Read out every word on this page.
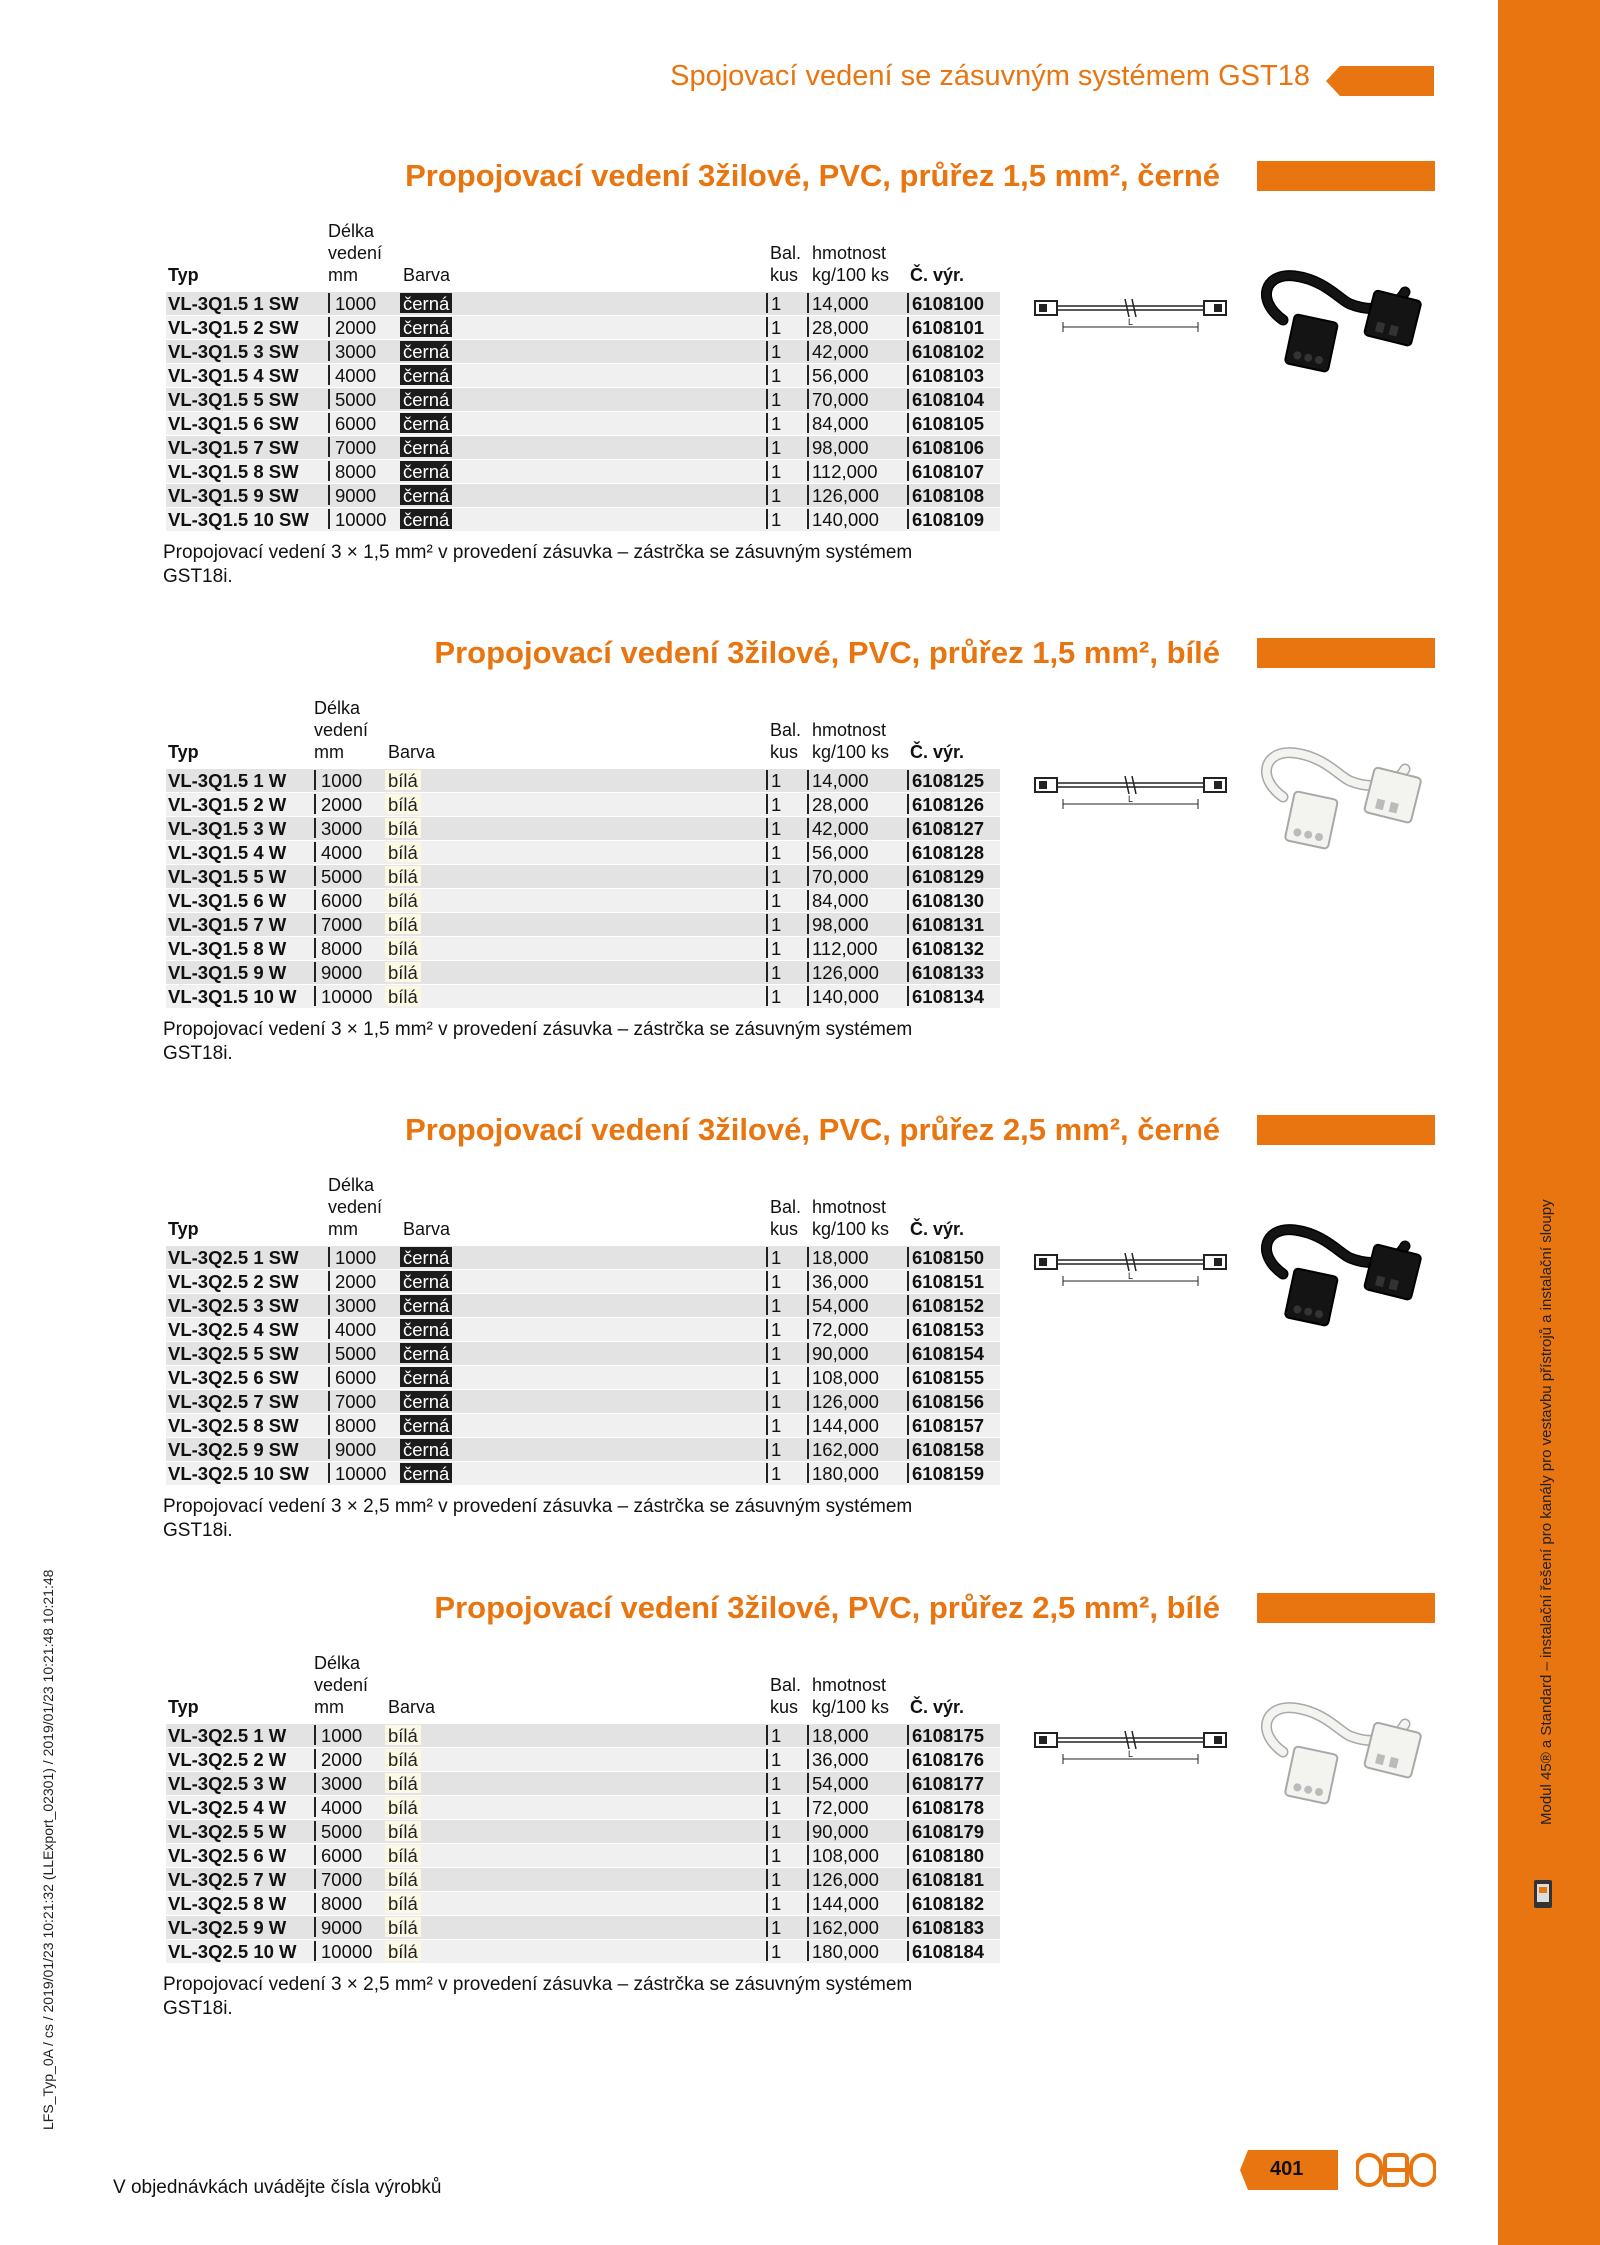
Spojovací vedení se zásuvným systémem GST18
Propojovací vedení 3žilové, PVC, průřez 1,5 mm², černé
Délka
vedení
mm
Typ	Barva
Bal.
kus
hmotnost
kg/100 ks Č. výr.
VL-3Q1.5 1 SW	1000 černá	1 14,000 6108100
VL-3Q1.5 2 SW	2000 černá	1 28,000 6108101
VL-3Q1.5 3 SW	3000 černá	1 42,000 6108102
VL-3Q1.5 4 SW	4000 černá	1 56,000 6108103
VL-3Q1.5 5 SW	5000 černá	1 70,000 6108104
VL-3Q1.5 6 SW	6000 černá	1 84,000 6108105
VL-3Q1.5 7 SW	7000 černá	1 98,000 6108106
VL-3Q1.5 8 SW	8000 černá	1 112,000 6108107
VL-3Q1.5 9 SW	9000 černá	1 126,000 6108108
VL-3Q1.5 10 SW	10000 černá	1 140,000 6108109
Propojovací vedení 3 × 1,5 mm² v provedení zásuvka – zástrčka se zásuvným systémem GST18i.
L
Propojovací vedení 3žilové, PVC, průřez 1,5 mm², bílé
Délka
vedení
mm
Typ	Barva
Bal.
kus
hmotnost
kg/100 ks Č. výr.
VL-3Q1.5 1 W	1000 bílá	1 14,000 6108125
VL-3Q1.5 2 W	2000 bílá	1 28,000 6108126
VL-3Q1.5 3 W	3000 bílá	1 42,000 6108127
VL-3Q1.5 4 W	4000 bílá	1 56,000 6108128
VL-3Q1.5 5 W	5000 bílá	1 70,000 6108129
VL-3Q1.5 6 W	6000 bílá	1 84,000 6108130
VL-3Q1.5 7 W	7000 bílá	1 98,000 6108131
VL-3Q1.5 8 W	8000 bílá	1 112,000 6108132
VL-3Q1.5 9 W	9000 bílá	1 126,000 6108133
VL-3Q1.5 10 W	10000 bílá	1 140,000 6108134
Propojovací vedení 3 × 1,5 mm² v provedení zásuvka – zástrčka se zásuvným systémem GST18i.
L
Propojovací vedení 3žilové, PVC, průřez 2,5 mm², černé
Délka
vedení
mm
Typ	Barva
Bal.
kus
hmotnost
kg/100 ks Č. výr.
VL-3Q2.5 1 SW	1000 černá	1 18,000 6108150
VL-3Q2.5 2 SW	2000 černá	1 36,000 6108151
VL-3Q2.5 3 SW	3000 černá	1 54,000 6108152
VL-3Q2.5 4 SW	4000 černá	1 72,000 6108153
VL-3Q2.5 5 SW	5000 černá	1 90,000 6108154
VL-3Q2.5 6 SW	6000 černá	1 108,000 6108155
VL-3Q2.5 7 SW	7000 černá	1 126,000 6108156
VL-3Q2.5 8 SW	8000 černá	1 144,000 6108157
VL-3Q2.5 9 SW	9000 černá	1 162,000 6108158
VL-3Q2.5 10 SW	10000 černá	1 180,000 6108159
Propojovací vedení 3 × 2,5 mm² v provedení zásuvka – zástrčka se zásuvným systémem GST18i.
L
Propojovací vedení 3žilové, PVC, průřez 2,5 mm², bílé
Délka
vedení
mm
Typ	Barva
Bal.
kus
hmotnost
kg/100 ks Č. výr.
VL-3Q2.5 1 W	1000 bílá	1 18,000 6108175
VL-3Q2.5 2 W	2000 bílá	1 36,000 6108176
VL-3Q2.5 3 W	3000 bílá	1 54,000 6108177
VL-3Q2.5 4 W	4000 bílá	1 72,000 6108178
VL-3Q2.5 5 W	5000 bílá	1 90,000 6108179
VL-3Q2.5 6 W	6000 bílá	1 108,000 6108180
VL-3Q2.5 7 W	7000 bílá	1 126,000 6108181
VL-3Q2.5 8 W	8000 bílá	1 144,000 6108182
VL-3Q2.5 9 W	9000 bílá	1 162,000 6108183
VL-3Q2.5 10 W	10000 bílá	1 180,000 6108184
Propojovací vedení 3 × 2,5 mm² v provedení zásuvka – zástrčka se zásuvným systémem GST18i.
L	Modul 45® a Standard – instalační řešení pro kanály pro vestavbu přístrojů a instalační sloupy
LFS_Typ_0A / cs / 2019/01/23 10:21:32 (LLExport_02301) / 2019/01/23 10:21:48 10:21:48
V objednávkách uvádějte čísla výrobků
401
